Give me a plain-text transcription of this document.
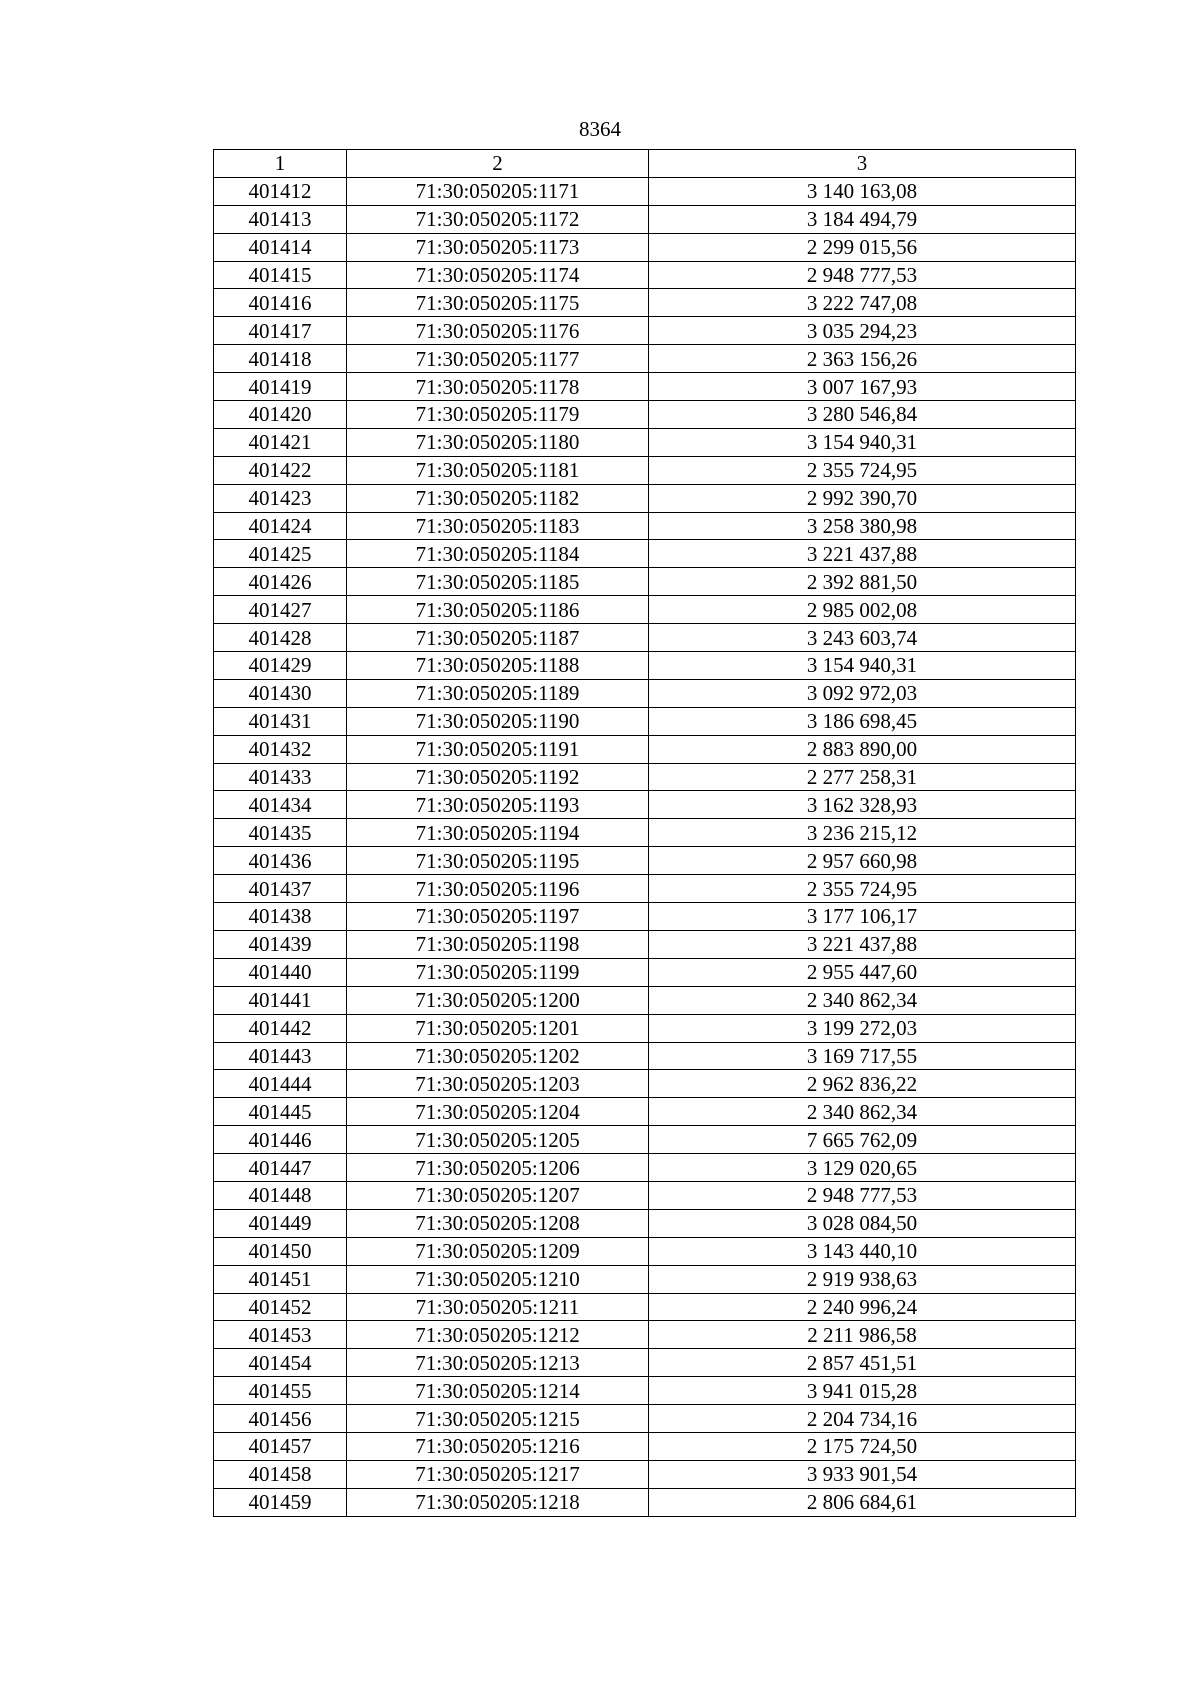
8364
1	2	3
401412	71:30:050205:1171	3 140 163,08
401413	71:30:050205:1172	3 184 494,79
401414	71:30:050205:1173	2 299 015,56
401415	71:30:050205:1174	2 948 777,53
401416	71:30:050205:1175	3 222 747,08
401417	71:30:050205:1176	3 035 294,23
401418	71:30:050205:1177	2 363 156,26
401419	71:30:050205:1178	3 007 167,93
401420	71:30:050205:1179	3 280 546,84
401421	71:30:050205:1180	3 154 940,31
401422	71:30:050205:1181	2 355 724,95
401423	71:30:050205:1182	2 992 390,70
401424	71:30:050205:1183	3 258 380,98
401425	71:30:050205:1184	3 221 437,88
401426	71:30:050205:1185	2 392 881,50
401427	71:30:050205:1186	2 985 002,08
401428	71:30:050205:1187	3 243 603,74
401429	71:30:050205:1188	3 154 940,31
401430	71:30:050205:1189	3 092 972,03
401431	71:30:050205:1190	3 186 698,45
401432	71:30:050205:1191	2 883 890,00
401433	71:30:050205:1192	2 277 258,31
401434	71:30:050205:1193	3 162 328,93
401435	71:30:050205:1194	3 236 215,12
401436	71:30:050205:1195	2 957 660,98
401437	71:30:050205:1196	2 355 724,95
401438	71:30:050205:1197	3 177 106,17
401439	71:30:050205:1198	3 221 437,88
401440	71:30:050205:1199	2 955 447,60
401441	71:30:050205:1200	2 340 862,34
401442	71:30:050205:1201	3 199 272,03
401443	71:30:050205:1202	3 169 717,55
401444	71:30:050205:1203	2 962 836,22
401445	71:30:050205:1204	2 340 862,34
401446	71:30:050205:1205	7 665 762,09
401447	71:30:050205:1206	3 129 020,65
401448	71:30:050205:1207	2 948 777,53
401449	71:30:050205:1208	3 028 084,50
401450	71:30:050205:1209	3 143 440,10
401451	71:30:050205:1210	2 919 938,63
401452	71:30:050205:1211	2 240 996,24
401453	71:30:050205:1212	2 211 986,58
401454	71:30:050205:1213	2 857 451,51
401455	71:30:050205:1214	3 941 015,28
401456	71:30:050205:1215	2 204 734,16
401457	71:30:050205:1216	2 175 724,50
401458	71:30:050205:1217	3 933 901,54
401459	71:30:050205:1218	2 806 684,61
